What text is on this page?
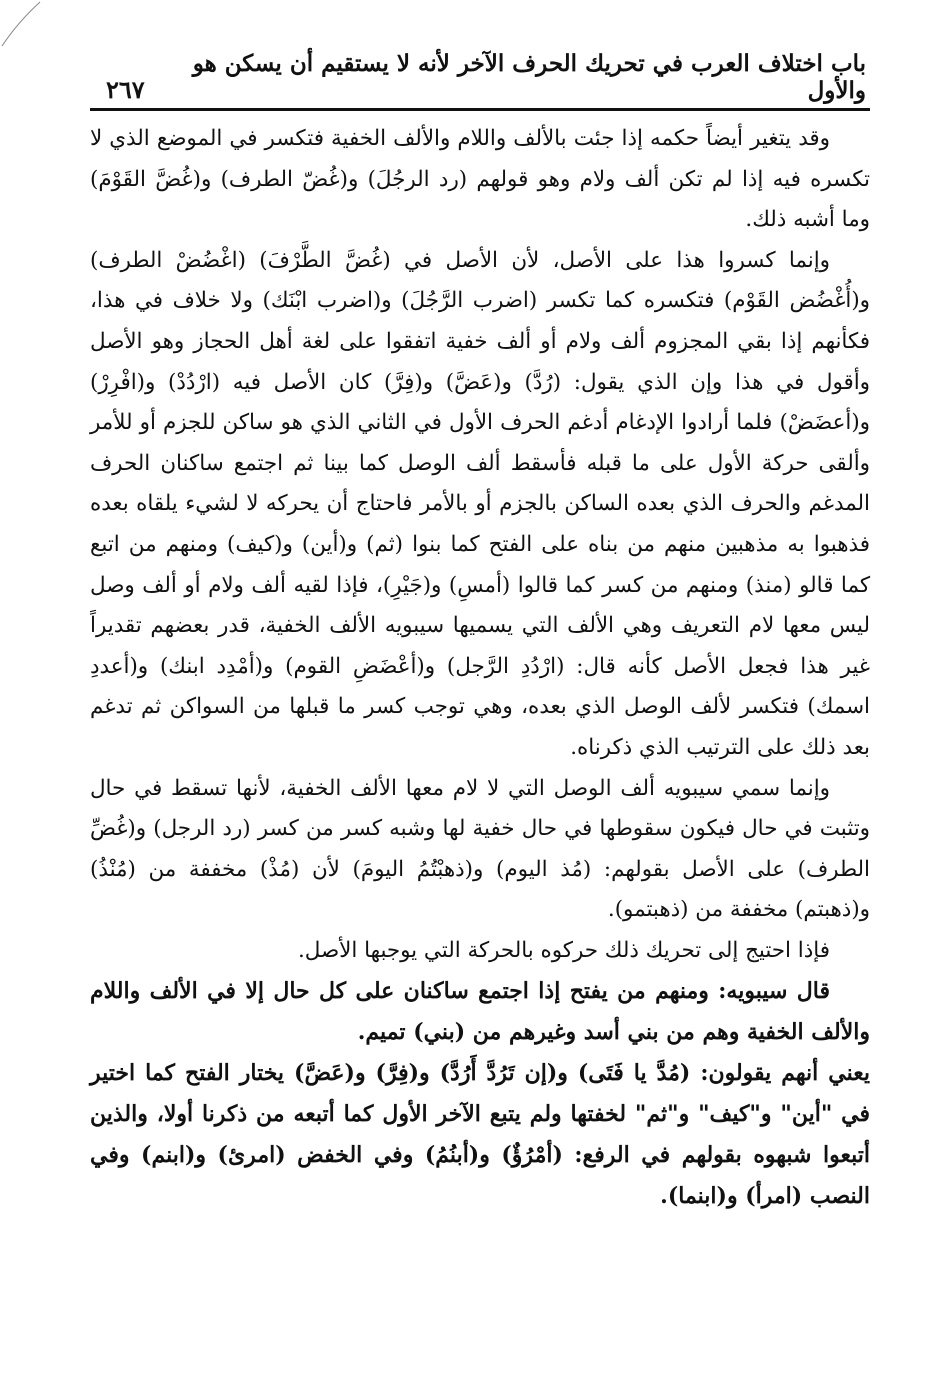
باب اختلاف العرب في تحريك الحرف الآخر لأنه لا يستقيم أن يسكن هو والأول
٢٦٧

وقد يتغير أيضاً حكمه إذا جئت بالألف واللام والألف الخفية فتكسر في الموضع الذي لا تكسره فيه إذا لم تكن ألف ولام وهو قولهم (رد الرجُلَ) و(غُضّ الطرف) و(غُضَّ القَوْمَ) وما أشبه ذلك.

وإنما كسروا هذا على الأصل، لأن الأصل في (غُضَّ الطَّرْفَ) (اغْضُضْ الطرف) و(أُغْضُض القَوْم) فتكسره كما تكسر (اضرب الرَّجُلَ) و(اضرب ابْنَك) ولا خلاف في هذا، فكأنهم إذا بقي المجزوم ألف ولام أو ألف خفية اتفقوا على لغة أهل الحجاز وهو الأصل وأقول في هذا وإن الذي يقول: (رُدَّ) و(عَضَّ) و(فِرَّ) كان الأصل فيه (ارْدُدْ) و(افْرِرْ) و(أعضَضْ) فلما أرادوا الإدغام أدغم الحرف الأول في الثاني الذي هو ساكن للجزم أو للأمر وألقى حركة الأول على ما قبله فأسقط ألف الوصل كما بينا ثم اجتمع ساكنان الحرف المدغم والحرف الذي بعده الساكن بالجزم أو بالأمر فاحتاج أن يحركه لا لشيء يلقاه بعده فذهبوا به مذهبين منهم من بناه على الفتح كما بنوا (ثم) و(أين) و(كيف) ومنهم من اتبع كما قالو (منذ) ومنهم من كسر كما قالوا (أمسِ) و(جَيْرِ)، فإذا لقيه ألف ولام أو ألف وصل ليس معها لام التعريف وهي الألف التي يسميها سيبويه الألف الخفية، قدر بعضهم تقديراً غير هذا فجعل الأصل كأنه قال: (ارْدُدِ الرَّجل) و(أعْضَضِ القوم) و(أمْدِد ابنك) و(أعددِ اسمك) فتكسر لألف الوصل الذي بعده، وهي توجب كسر ما قبلها من السواكن ثم تدغم بعد ذلك على الترتيب الذي ذكرناه.

وإنما سمي سيبويه ألف الوصل التي لا لام معها الألف الخفية، لأنها تسقط في حال وتثبت في حال فيكون سقوطها في حال خفية لها وشبه كسر من كسر (رد الرجل) و(غُضِّ الطرف) على الأصل بقولهم: (مُذ اليوم) و(ذهبْتُمُ اليومَ) لأن (مُذْ) مخففة من (مُنْذُ) و(ذهبتم) مخففة من (ذهبتمو).

فإذا احتيج إلى تحريك ذلك حركوه بالحركة التي يوجبها الأصل.

قال سيبويه: ومنهم من يفتح إذا اجتمع ساكنان على كل حال إلا في الألف واللام والألف الخفية وهم من بني أسد وغيرهم من (بني) تميم.

يعني أنهم يقولون: (مُدَّ يا فَتَى) و(إن تَرُدَّ أَرُدَّ) و(فِرَّ) و(عَضَّ) يختار الفتح كما اختير في "أين" و"كيف" و"ثم" لخفتها ولم يتبع الآخر الأول كما أتبعه من ذكرنا أولا، والذين أتبعوا شبهوه بقولهم في الرفع: (أمْرُؤٌ) و(أبنُمُ) وفي الخفض (امرئ) و(ابنم) وفي النصب (امرأ) و(ابنما).
